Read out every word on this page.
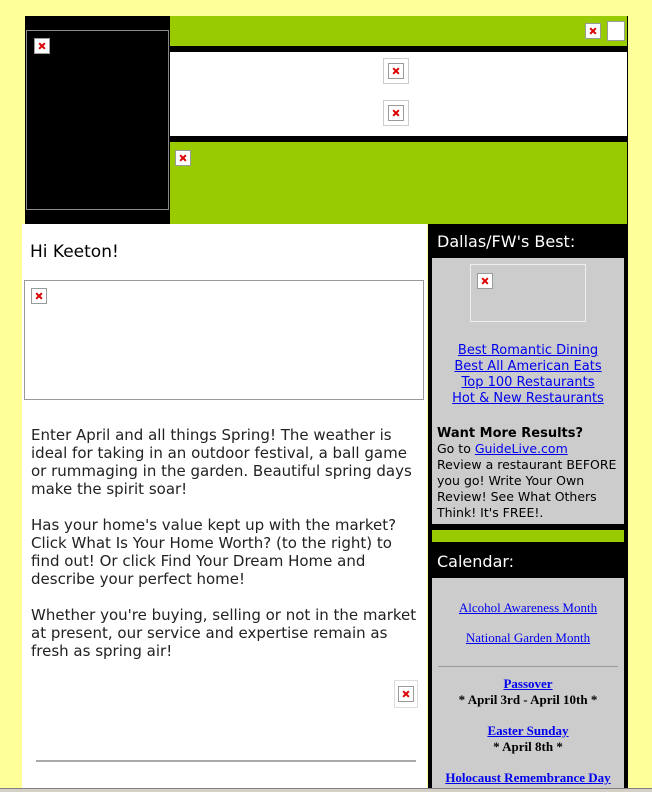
Hi Keeton!

Enter April and all things Spring! The weather is ideal for taking in an outdoor festival, a ball game or rummaging in the garden. Beautiful spring days make the spirit soar!

Has your home's value kept up with the market? Click What Is Your Home Worth? (to the right) to find out! Or click Find Your Dream Home and describe your perfect home!

Whether you're buying, selling or not in the market at present, our service and expertise remain as fresh as spring air!

Dallas/FW's Best:
Best Romantic Dining
Best All American Eats
Top 100 Restaurants
Hot & New Restaurants
Want More Results?
Go to GuideLive.com
Review a restaurant BEFORE you go! Write Your Own Review! See What Others Think! It's FREE!.
Calendar:
Alcohol Awareness Month
National Garden Month
Passover
* April 3rd - April 10th *
Easter Sunday
* April 8th *
Holocaust Remembrance Day
